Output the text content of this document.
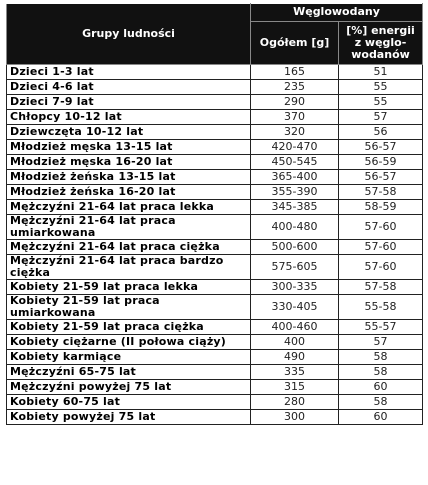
Grupy ludności	Węglowodany	
	Ogółem [g]	[%] energii z węglo-wodanów
Dzieci 1-3 lat	165	51
Dzieci 4-6 lat	235	55
Dzieci 7-9 lat	290	55
Chłopcy 10-12 lat	370	57
Dziewczęta 10-12 lat	320	56
Młodzież męska 13-15 lat	420-470	56-57
Młodzież męska 16-20 lat	450-545	56-59
Młodzież żeńska 13-15 lat	365-400	56-57
Młodzież żeńska 16-20 lat	355-390	57-58
Mężczyźni 21-64 lat praca lekka	345-385	58-59
Mężczyźni 21-64 lat praca umiarkowana	400-480	57-60
Mężczyźni 21-64 lat praca ciężka	500-600	57-60
Mężczyźni 21-64 lat praca bardzo ciężka	575-605	57-60
Kobiety 21-59 lat praca lekka	300-335	57-58
Kobiety 21-59 lat praca umiarkowana	330-405	55-58
Kobiety 21-59 lat praca ciężka	400-460	55-57
Kobiety ciężarne (II połowa ciąży)	400	57
Kobiety karmiące	490	58
Mężczyźni 65-75 lat	335	58
Mężczyźni powyżej 75 lat	315	60
Kobiety 60-75 lat	280	58
Kobiety powyżej 75 lat	300	60
